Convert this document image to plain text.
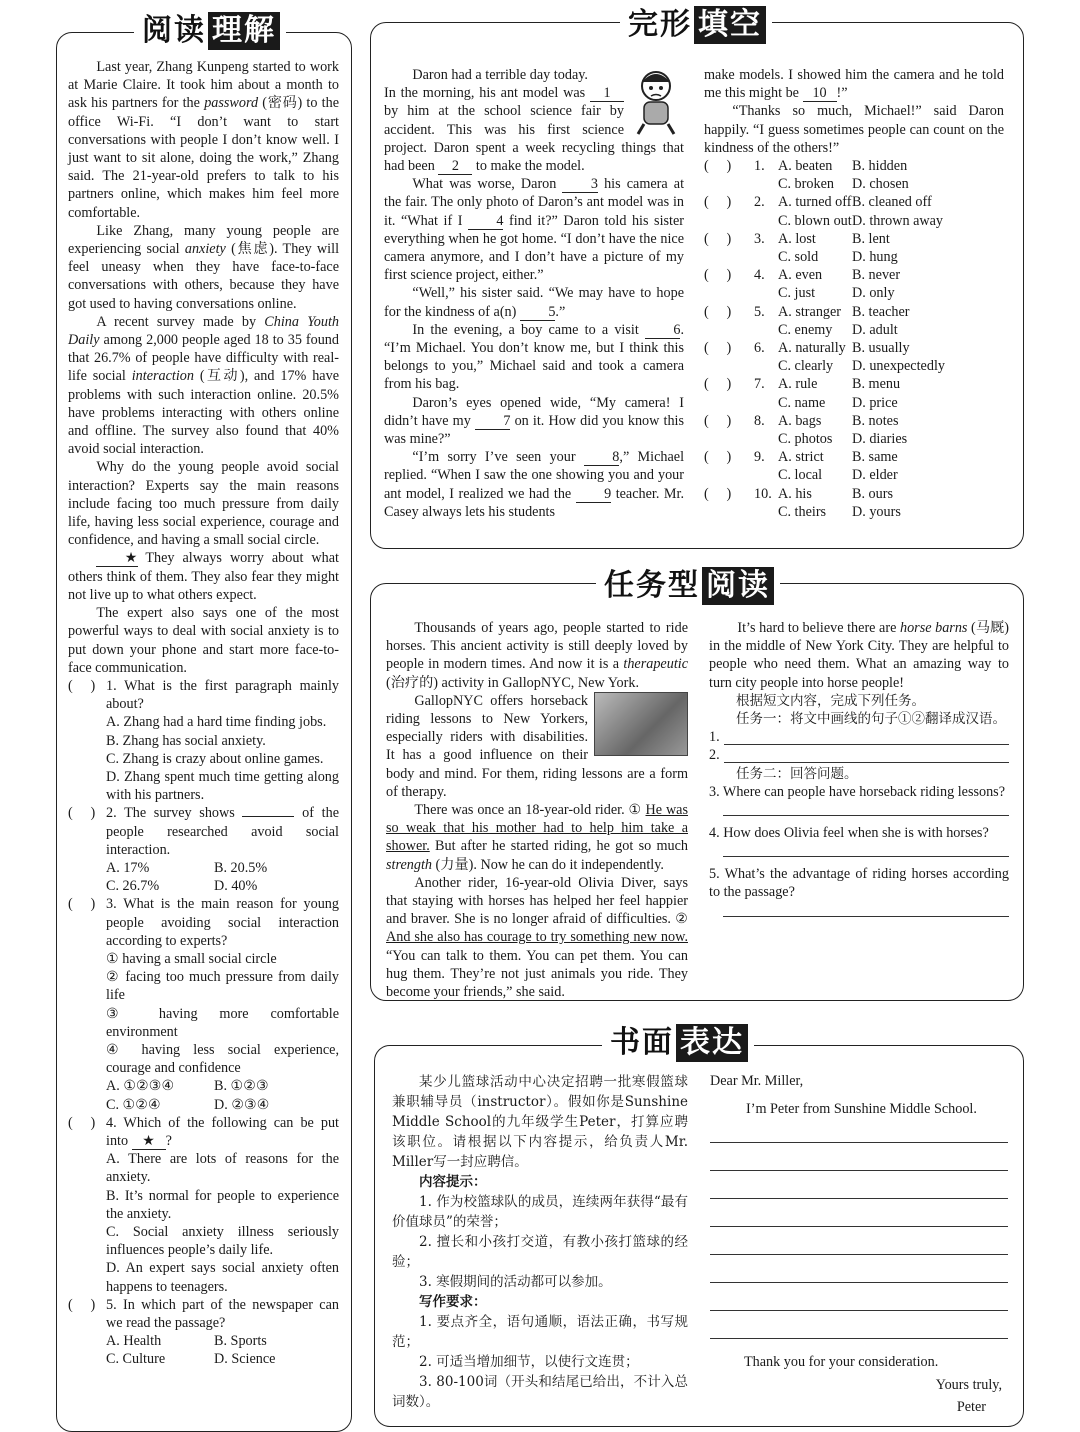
阅读 理解

Last year, Zhang Kunpeng started to work at Marie Claire. It took him about a month to ask his partners for the password (密码) to the office Wi-Fi. “I don’t want to start conversations with people I don’t know well. I just want to sit alone, doing the work,” Zhang said. The 21-year-old prefers to talk to his partners online, which makes him feel more comfortable.

Like Zhang, many young people are experiencing social anxiety (焦虑). They will feel uneasy when they have face-to-face conversations with others, because they have got used to having conversations online.

A recent survey made by China Youth Daily among 2,000 people aged 18 to 35 found that 26.7% of people have difficulty with real-life social interaction (互动), and 17% have problems with such interaction online. 20.5% have problems interacting with others online and offline. The survey also found that 40% avoid social interaction.

Why do the young people avoid social interaction? Experts say the main reasons include facing too much pressure from daily life, having less social experience, courage and confidence, and having a small social circle.

★ They always worry about what others think of them. They also fear they might not live up to what others expect.

The expert also says one of the most powerful ways to deal with social anxiety is to put down your phone and start more face-to-face communication.

(　 ) 1. What is the first paragraph mainly about?
A. Zhang had a hard time finding jobs.
B. Zhang has social anxiety.
C. Zhang is crazy about online games.
D. Zhang spent much time getting along with his partners.
(　 ) 2. The survey shows	of the people researched avoid social interaction.
A. 17%	B. 20.5%
C. 26.7%	D. 40%
(　 ) 3. What is the main reason for young people avoiding social interaction according to experts?
① having a small social circle
② facing too much pressure from daily life
③ having more comfortable environment
④ having less social experience, courage and confidence
A. ①②③④	B. ①②③
C. ①②④	D. ②③④
(　 ) 4. Which of the following can be put into ★ ?
A. There are lots of reasons for the anxiety.
B. It’s normal for people to experience the anxiety.
C. Social anxiety illness seriously influences people’s daily life.
D. An expert says social anxiety often happens to teenagers.
(　 ) 5. In which part of the newspaper can we read the passage?
A. Health	B. Sports
C. Culture	D. Science
完形 填空

Daron had a terrible day today.

In the morning, his ant model was 1 by him at the school science fair by accident. This was his first science project. Daron spent a week recycling things that had been 2 to make the model.

What was worse, Daron 3 his camera at the fair. The only photo of Daron’s ant model was in it. “What if I 4 find it?” Daron told his sister everything when he got home. “I don’t have the nice camera anymore, and I don’t have a picture of my first science project, either.”

“Well,” his sister said. “We may have to hope for the kindness of a(n) 5.”

In the evening, a boy came to a visit 6. “I’m Michael. You don’t know me, but I think this belongs to you,” Michael said and took a camera from his bag.

Daron’s eyes opened wide, “My camera! I didn’t have my 7 on it. How did you know this was mine?”

“I’m sorry I’ve seen your	8,” Michael replied. “When I saw the one showing you and your ant model, I realized we had the 9 teacher. Mr. Casey always lets his students

make models. I showed him the camera and he told me this might be 10 !”

“Thanks so much, Michael!” said Daron happily. “I guess sometimes people can count on the kindness of the others!”

(　 )	1. A. beaten	B. hidden
C. broken	D. chosen
(　 )	2. A. turned off B. cleaned off
C. blown out D. thrown away
(　 )	3. A. lost	B. lent
C. sold	D. hung
(　 )	4. A. even	B. never
C. just	D. only
(　 )	5. A. stranger B. teacher
C. enemy	D. adult
(　 )	6. A. naturally B. usually
C. clearly	D. unexpectedly
(　 )	7. A. rule	B. menu
C. name	D. price
(　 )	8. A. bags	B. notes
C. photos	D. diaries
(　 )	9. A. strict	B. same
C. local	D. elder
(　 )	10. A. his	B. ours
C. theirs	D. yours
任务型 阅读

Thousands of years ago, people started to ride horses. This ancient activity is still deeply loved by people in modern times. And now it is a therapeutic (治疗的) activity in GallopNYC, New York.

GallopNYC offers horseback riding lessons to New Yorkers, especially riders with disabilities. It has a good influence on their body and mind. For them, riding lessons are a form of therapy.

There was once an 18-year-old rider. ① He was so weak that his mother had to help him take a shower. But after he started riding, he got so much strength (力量). Now he can do it independently.

Another rider, 16-year-old Olivia Diver, says that staying with horses has helped her feel happier and braver. She is no longer afraid of difficulties. ② And she also has courage to try something new now. “You can talk to them. You can pet them. You can hug them. They’re not just animals you ride. They become your friends,” she said.

It’s hard to believe there are horse barns (马厩) in the middle of New York City. They are helpful to people who need them. What an amazing way to turn city people into horse people!

根据短文内容，完成下列任务。

任务一：将文中画线的句子①②翻译成汉语。

1.
2.

任务二：回答问题。

3. Where can people have horseback riding lessons?

4. How does Olivia feel when she is with horses?

5. What’s the advantage of riding horses according to the passage?

书面 表达

某少儿篮球活动中心决定招聘一批寒假篮球兼职辅导员（instructor）。假如你是Sunshine Middle School的九年级学生Peter，打算应聘该职位。请根据以下内容提示，给负责人Mr. Miller写一封应聘信。

内容提示：

1. 作为校篮球队的成员，连续两年获得“最有价值球员”的荣誉；

2. 擅长和小孩打交道，有教小孩打篮球的经验；

3. 寒假期间的活动都可以参加。

写作要求：

1. 要点齐全，语句通顺，语法正确，书写规范；

2. 可适当增加细节，以使行文连贯；

3. 80-100词（开头和结尾已给出，不计入总词数）。

Dear Mr. Miller,

I’m Peter from Sunshine Middle School.

Thank you for your consideration.

Yours truly,

Peter
